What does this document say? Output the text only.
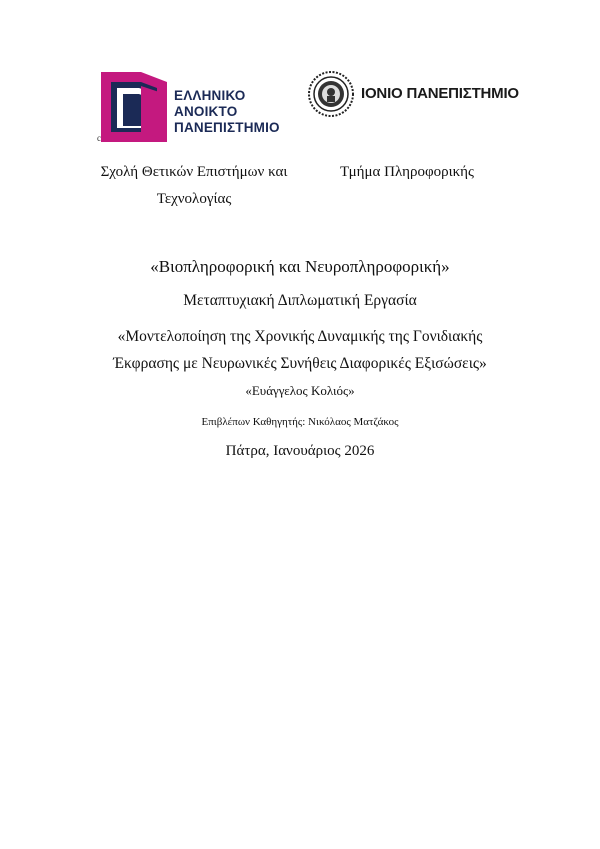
ΕΛΛΗΝΙΚΟ
ΑΝΟΙΚΤΟ
ΠΑΝΕΠΙΣΤΗΜΙΟ
c
ΙΟΝΙΟ ΠΑΝΕΠΙΣΤΗΜΙΟ
Σχολή Θετικών Επιστήμων και
Τεχνολογίας
Τμήμα Πληροφορικής
«Βιοπληροφορική και Νευροπληροφορική»
Μεταπτυχιακή Διπλωματική Εργασία
«Μοντελοποίηση της Χρονικής Δυναμικής της Γονιδιακής
Έκφρασης με Νευρωνικές Συνήθεις Διαφορικές Εξισώσεις»
«Ευάγγελος Κολιός»
Επιβλέπων Καθηγητής: Νικόλαος Ματζάκος
Πάτρα, Ιανουάριος 2026
